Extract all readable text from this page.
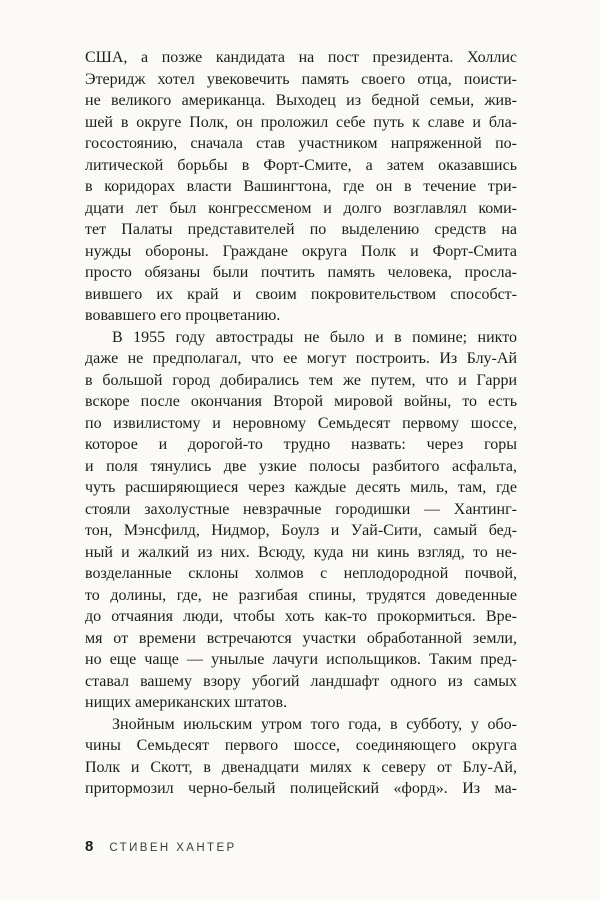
США, а позже кандидата на пост президента. Холлис
Этеридж хотел увековечить память своего отца, поисти-
не великого американца. Выходец из бедной семьи, жив-
шей в округе Полк, он проложил себе путь к славе и бла-
госостоянию, сначала став участником напряженной по-
литической борьбы в Форт-Смите, а затем оказавшись
в коридорах власти Вашингтона, где он в течение три-
дцати лет был конгрессменом и долго возглавлял коми-
тет Палаты представителей по выделению средств на
нужды обороны. Граждане округа Полк и Форт-Смита
просто обязаны были почтить память человека, просла-
вившего их край и своим покровительством способст-
вовавшего его процветанию.
В 1955 году автострады не было и в помине; никто
даже не предполагал, что ее могут построить. Из Блу-Ай
в большой город добирались тем же путем, что и Гарри
вскоре после окончания Второй мировой войны, то есть
по извилистому и неровному Семьдесят первому шоссе,
которое и дорогой-то трудно назвать: через горы
и поля тянулись две узкие полосы разбитого асфальта,
чуть расширяющиеся через каждые десять миль, там, где
стояли захолустные невзрачные городишки — Хантинг-
тон, Мэнсфилд, Нидмор, Боулз и Уай-Сити, самый бед-
ный и жалкий из них. Всюду, куда ни кинь взгляд, то не-
возделанные склоны холмов с неплодородной почвой,
то долины, где, не разгибая спины, трудятся доведенные
до отчаяния люди, чтобы хоть как-то прокормиться. Вре-
мя от времени встречаются участки обработанной земли,
но еще чаще — унылые лачуги испольщиков. Таким пред-
ставал вашему взору убогий ландшафт одного из самых
нищих американских штатов.
Знойным июльским утром того года, в субботу, у обо-
чины Семьдесят первого шоссе, соединяющего округа
Полк и Скотт, в двенадцати милях к северу от Блу-Ай,
притормозил черно-белый полицейский «форд». Из ма-
8 СТИВЕН ХАНТЕР
